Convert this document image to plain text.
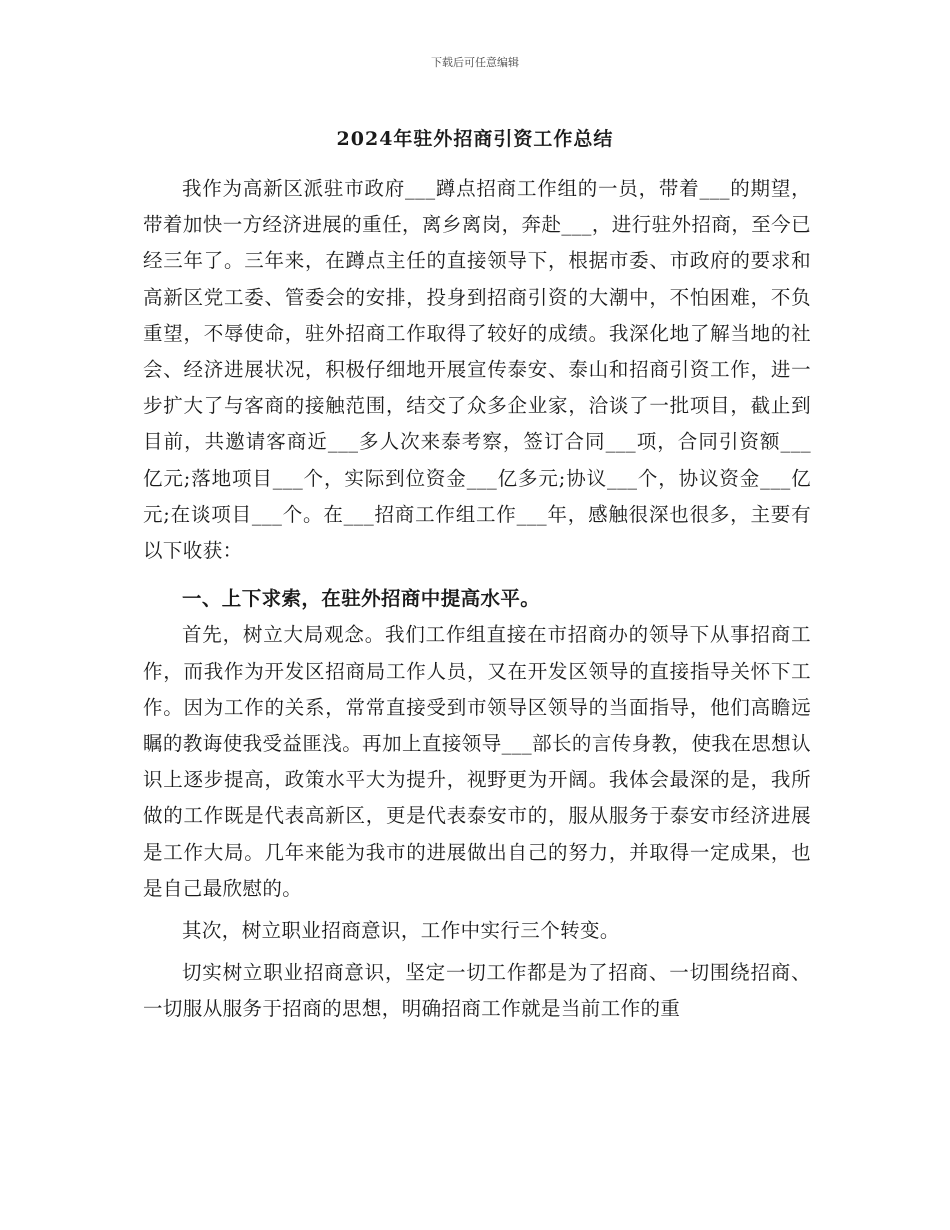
下载后可任意编辑
2024年驻外招商引资工作总结

我作为高新区派驻市政府___蹲点招商工作组的一员，带着___的期望，带着加快一方经济进展的重任，离乡离岗，奔赴___，进行驻外招商，至今已经三年了。三年来，在蹲点主任的直接领导下，根据市委、市政府的要求和高新区党工委、管委会的安排，投身到招商引资的大潮中，不怕困难，不负重望，不辱使命，驻外招商工作取得了较好的成绩。我深化地了解当地的社会、经济进展状况，积极仔细地开展宣传泰安、泰山和招商引资工作，进一步扩大了与客商的接触范围，结交了众多企业家，洽谈了一批项目，截止到目前，共邀请客商近___多人次来泰考察，签订合同___项，合同引资额___亿元;落地项目___个，实际到位资金___亿多元;协议___个，协议资金___亿元;在谈项目___个。在___招商工作组工作___年，感触很深也很多，主要有以下收获：

一、上下求索，在驻外招商中提高水平。

首先，树立大局观念。我们工作组直接在市招商办的领导下从事招商工作，而我作为开发区招商局工作人员，又在开发区领导的直接指导关怀下工作。因为工作的关系，常常直接受到市领导区领导的当面指导，他们高瞻远瞩的教诲使我受益匪浅。再加上直接领导___部长的言传身教，使我在思想认识上逐步提高，政策水平大为提升，视野更为开阔。我体会最深的是，我所做的工作既是代表高新区，更是代表泰安市的，服从服务于泰安市经济进展是工作大局。几年来能为我市的进展做出自己的努力，并取得一定成果，也是自己最欣慰的。

其次，树立职业招商意识，工作中实行三个转变。

切实树立职业招商意识，坚定一切工作都是为了招商、一切围绕招商、一切服从服务于招商的思想，明确招商工作就是当前工作的重
